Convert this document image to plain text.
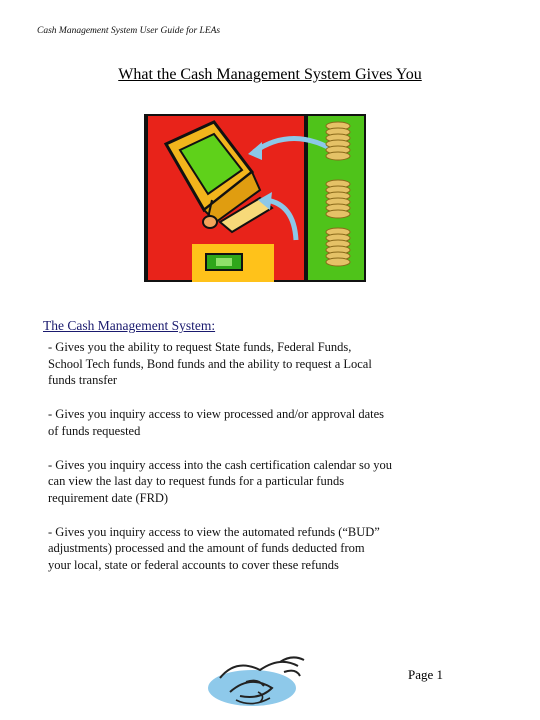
Cash Management System User Guide for LEAs
What the Cash Management System Gives You
The Cash Management System:
- Gives you the ability to request State funds, Federal Funds,
School Tech funds, Bond funds and the ability to request a Local
funds transfer
- Gives you inquiry access to view processed and/or approval dates
of funds requested
- Gives you inquiry access into the cash certification calendar so you
can view the last day to request funds for a particular funds
requirement date (FRD)
- Gives you inquiry access to view the automated refunds (“BUD”
adjustments) processed and the amount of funds deducted from
your local, state or federal accounts to cover these refunds
Page 1
